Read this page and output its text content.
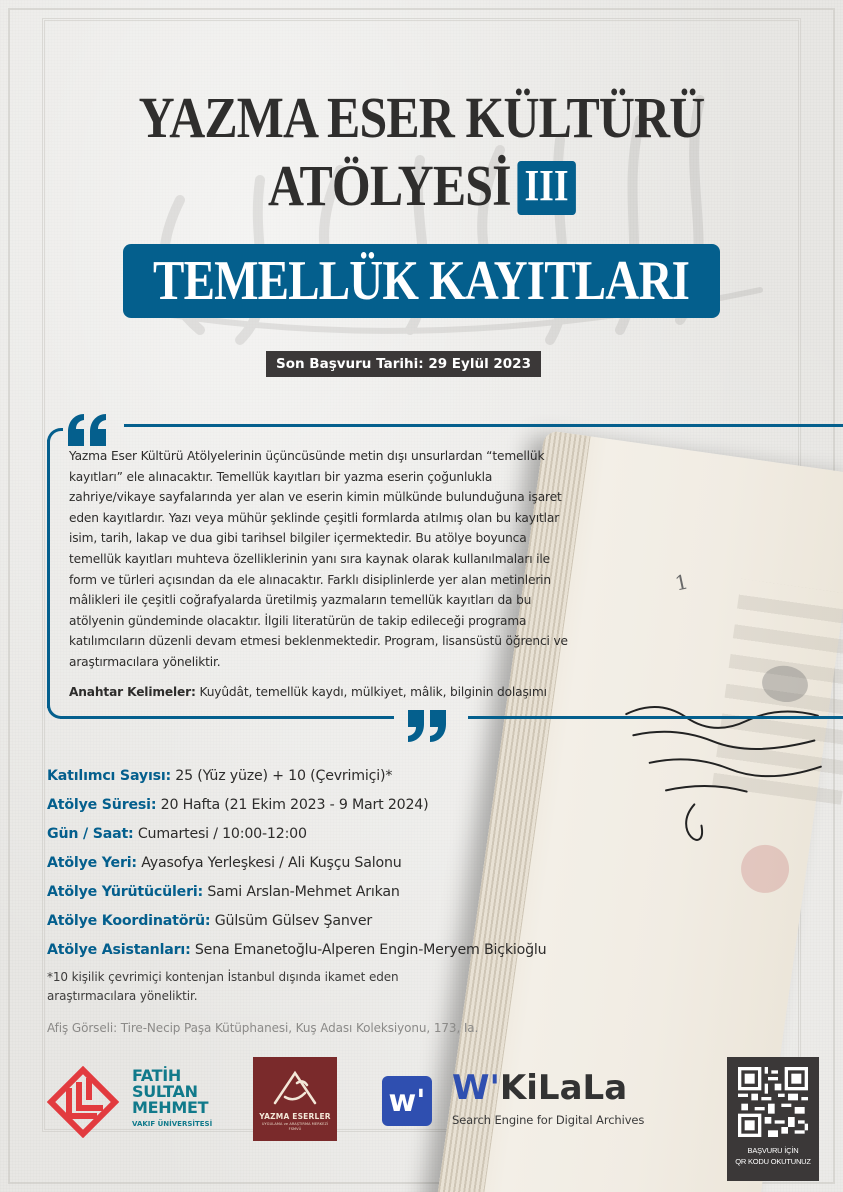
1
YAZMA ESER KÜLTÜRÜ
ATÖLYESİ III
TEMELLÜK KAYITLARI
Son Başvuru Tarihi: 29 Eylül 2023

Yazma Eser Kültürü Atölyelerinin üçüncüsünde metin dışı unsurlardan “temellük kayıtları” ele alınacaktır. Temellük kayıtları bir yazma eserin çoğunlukla zahriye/vikaye sayfalarında yer alan ve eserin kimin mülkünde bulunduğuna işaret eden kayıtlardır. Yazı veya mühür şeklinde çeşitli formlarda atılmış olan bu kayıtlar isim, tarih, lakap ve dua gibi tarihsel bilgiler içermektedir. Bu atölye boyunca temellük kayıtları muhteva özelliklerinin yanı sıra kaynak olarak kullanılmaları ile form ve türleri açısından da ele alınacaktır. Farklı disiplinlerde yer alan metinlerin mâlikleri ile çeşitli coğrafyalarda üretilmiş yazmaların temellük kayıtları da bu atölyenin gündeminde olacaktır. İlgili literatürün de takip edileceği programa katılımcıların düzenli devam etmesi beklenmektedir. Program, lisansüstü öğrenci ve araştırmacılara yöneliktir.

Anahtar Kelimeler: Kuyûdât, temellük kaydı, mülkiyet, mâlik, bilginin dolaşımı
Katılımcı Sayısı: 25 (Yüz yüze) + 10 (Çevrimiçi)*
Atölye Süresi: 20 Hafta (21 Ekim 2023 - 9 Mart 2024)
Gün / Saat: Cumartesi / 10:00-12:00
Atölye Yeri: Ayasofya Yerleşkesi / Ali Kuşçu Salonu
Atölye Yürütücüleri: Sami Arslan-Mehmet Arıkan
Atölye Koordinatörü: Gülsüm Gülsev Şanver
Atölye Asistanları: Sena Emanetoğlu-Alperen Engin-Meryem Biçkioğlu
*10 kişilik çevrimiçi kontenjan İstanbul dışında ikamet eden araştırmacılara yöneliktir.
Afiş Görseli: Tire-Necip Paşa Kütüphanesi, Kuş Adası Koleksiyonu, 173, Ia.
FATİH
SULTAN
MEHMET
VAKIF ÜNİVERSİTESİ
YAZMA ESERLER
UYGULAMA ve ARAŞTIRMA MERKEZİ
FSMVÜ
w' W'KiLaLa
Search Engine for Digital Archives
BAŞVURU İÇİN
QR KODU OKUTUNUZ
